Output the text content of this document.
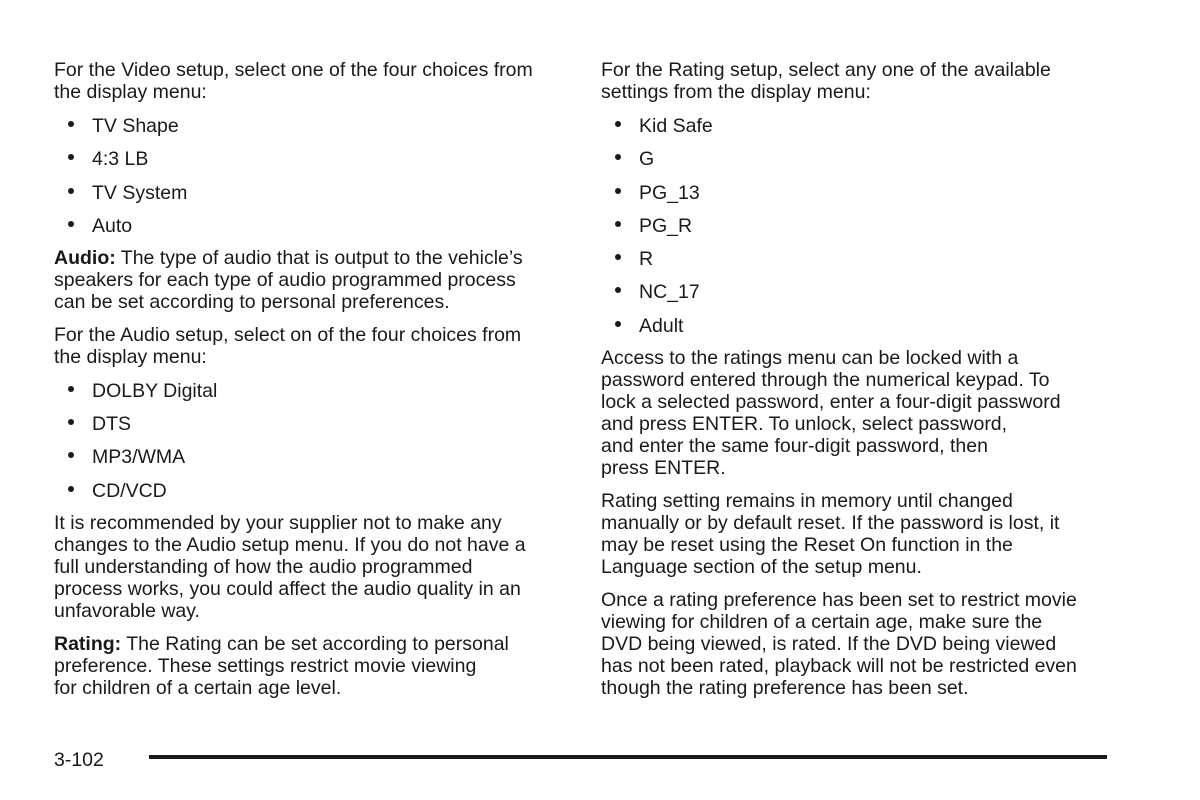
For the Video setup, select one of the four choices from
the display menu:

TV Shape
4:3 LB
TV System
Auto

Audio: The type of audio that is output to the vehicle’s
speakers for each type of audio programmed process
can be set according to personal preferences.

For the Audio setup, select on of the four choices from
the display menu:

DOLBY Digital
DTS
MP3/WMA
CD/VCD

It is recommended by your supplier not to make any
changes to the Audio setup menu. If you do not have a
full understanding of how the audio programmed
process works, you could affect the audio quality in an
unfavorable way.

Rating: The Rating can be set according to personal
preference. These settings restrict movie viewing
for children of a certain age level.

For the Rating setup, select any one of the available
settings from the display menu:

Kid Safe
G
PG_13
PG_R
R
NC_17
Adult

Access to the ratings menu can be locked with a
password entered through the numerical keypad. To
lock a selected password, enter a four-digit password
and press ENTER. To unlock, select password,
and enter the same four-digit password, then
press ENTER.

Rating setting remains in memory until changed
manually or by default reset. If the password is lost, it
may be reset using the Reset On function in the
Language section of the setup menu.

Once a rating preference has been set to restrict movie
viewing for children of a certain age, make sure the
DVD being viewed, is rated. If the DVD being viewed
has not been rated, playback will not be restricted even
though the rating preference has been set.

3-102
